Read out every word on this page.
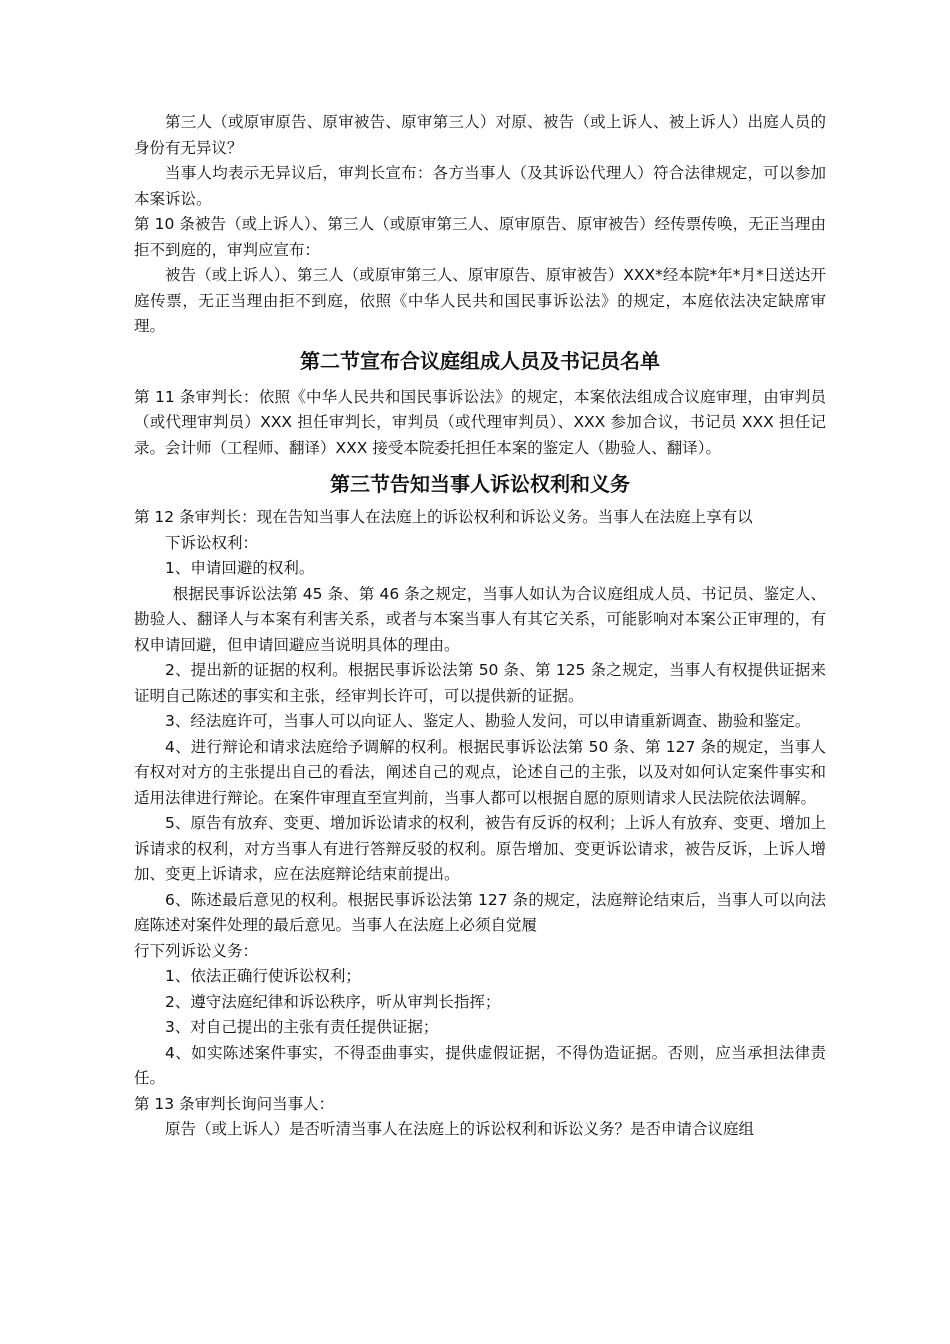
第三人（或原审原告、原审被告、原审第三人）对原、被告（或上诉人、被上诉人）出庭人员的身份有无异议？

当事人均表示无异议后，审判长宣布：各方当事人（及其诉讼代理人）符合法律规定，可以参加本案诉讼。

第 10 条被告（或上诉人）、第三人（或原审第三人、原审原告、原审被告）经传票传唤，无正当理由拒不到庭的，审判应宣布：

被告（或上诉人）、第三人（或原审第三人、原审原告、原审被告）XXX*经本院*年*月*日送达开庭传票，无正当理由拒不到庭，依照《中华人民共和国民事诉讼法》的规定，本庭依法决定缺席审理。

第二节宣布合议庭组成人员及书记员名单

第 11 条审判长：依照《中华人民共和国民事诉讼法》的规定，本案依法组成合议庭审理，由审判员（或代理审判员）XXX 担任审判长，审判员（或代理审判员）、XXX 参加合议，书记员 XXX 担任记录。会计师（工程师、翻译）XXX 接受本院委托担任本案的鉴定人（勘验人、翻译）。

第三节告知当事人诉讼权利和义务

第 12 条审判长：现在告知当事人在法庭上的诉讼权利和诉讼义务。当事人在法庭上享有以

下诉讼权利：

1、申请回避的权利。

根据民事诉讼法第 45 条、第 46 条之规定，当事人如认为合议庭组成人员、书记员、鉴定人、勘验人、翻译人与本案有利害关系，或者与本案当事人有其它关系，可能影响对本案公正审理的，有权申请回避，但申请回避应当说明具体的理由。

2、提出新的证据的权利。根据民事诉讼法第 50 条、第 125 条之规定，当事人有权提供证据来证明自己陈述的事实和主张，经审判长许可，可以提供新的证据。

3、经法庭许可，当事人可以向证人、鉴定人、勘验人发问，可以申请重新调查、勘验和鉴定。

4、进行辩论和请求法庭给予调解的权利。根据民事诉讼法第 50 条、第 127 条的规定，当事人有权对对方的主张提出自己的看法，阐述自己的观点，论述自己的主张，以及对如何认定案件事实和适用法律进行辩论。在案件审理直至宣判前，当事人都可以根据自愿的原则请求人民法院依法调解。

5、原告有放弃、变更、增加诉讼请求的权利，被告有反诉的权利；上诉人有放弃、变更、增加上诉请求的权利，对方当事人有进行答辩反驳的权利。原告增加、变更诉讼请求，被告反诉，上诉人增加、变更上诉请求，应在法庭辩论结束前提出。

6、陈述最后意见的权利。根据民事诉讼法第 127 条的规定，法庭辩论结束后，当事人可以向法庭陈述对案件处理的最后意见。当事人在法庭上必须自觉履

行下列诉讼义务：

1、依法正确行使诉讼权利；

2、遵守法庭纪律和诉讼秩序，听从审判长指挥；

3、对自己提出的主张有责任提供证据；

4、如实陈述案件事实，不得歪曲事实，提供虚假证据，不得伪造证据。否则，应当承担法律责任。

第 13 条审判长询问当事人：

原告（或上诉人）是否听清当事人在法庭上的诉讼权利和诉讼义务？是否申请合议庭组
